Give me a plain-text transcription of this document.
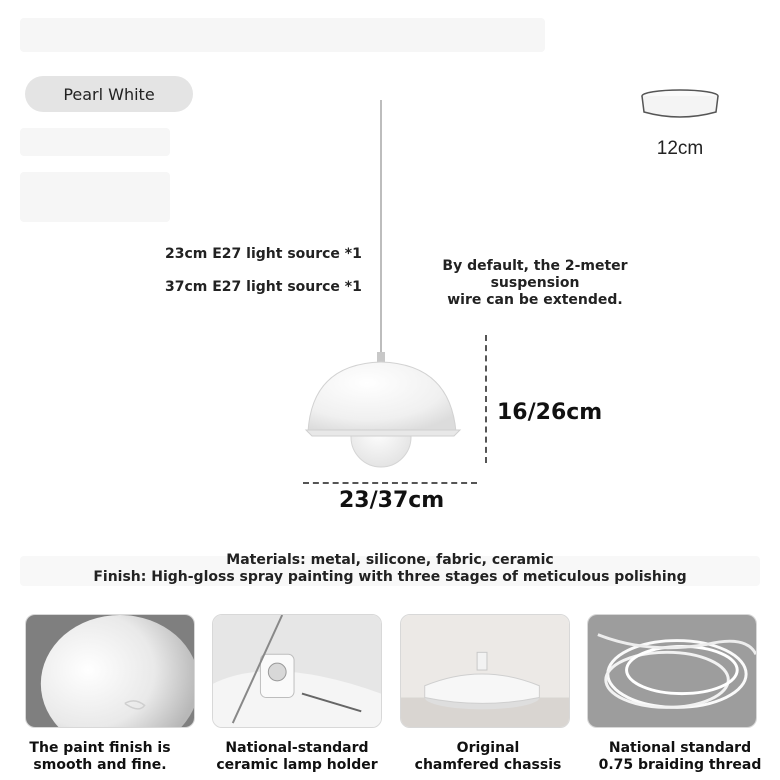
Pearl White
12cm
23cm E27 light source *1
37cm E27 light source *1
By default, the 2-meter suspension
wire can be extended.
16/26cm
23/37cm
Materials: metal, silicone, fabric, ceramic
Finish: High-gloss spray painting with three stages of meticulous polishing
The paint finish is
smooth and fine.
National-standard
ceramic lamp holder
Original
chamfered chassis
National standard
0.75 braiding thread
